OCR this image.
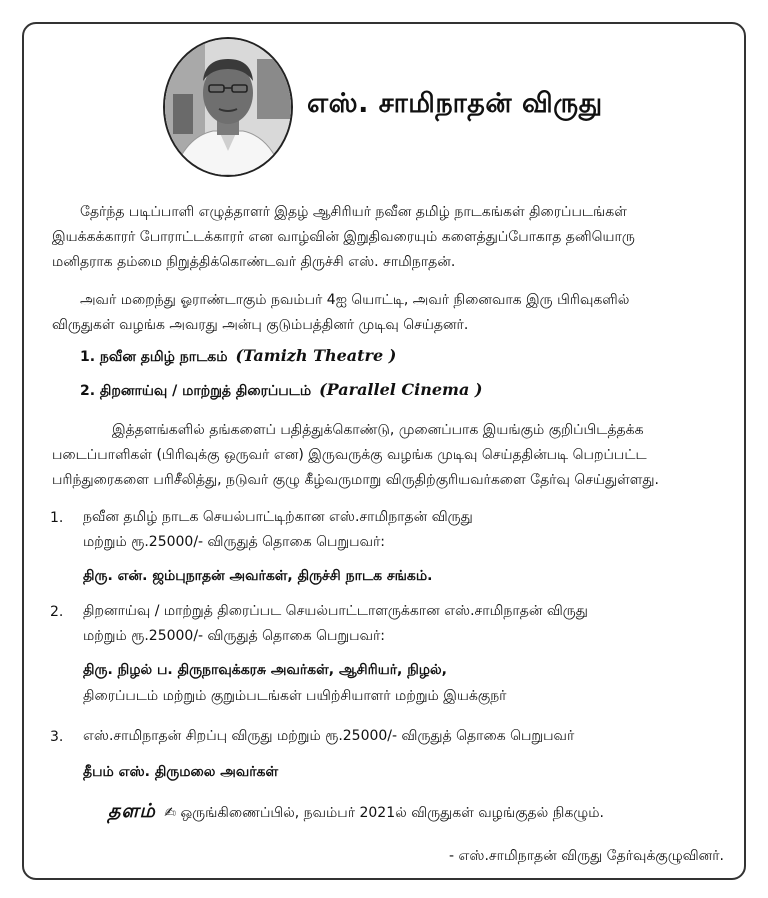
எஸ். சாமிநாதன் விருது
தேர்ந்த படிப்பாளி எழுத்தாளர் இதழ் ஆசிரியர் நவீன தமிழ் நாடகங்கள் திரைப்படங்கள்
இயக்கக்காரர் போராட்டக்காரர் என வாழ்வின் இறுதிவரையும் களைத்துப்போகாத தனியொரு
மனிதராக தம்மை நிறுத்திக்கொண்டவர் திருச்சி எஸ். சாமிநாதன்.
அவர் மறைந்து ஓராண்டாகும் நவம்பர் 4ஐ யொட்டி, அவர் நினைவாக இரு பிரிவுகளில்
விருதுகள் வழங்க அவரது அன்பு குடும்பத்தினர் முடிவு செய்தனர்.
1. நவீன தமிழ் நாடகம் (Tamizh Theatre )
2. திறனாய்வு / மாற்றுத் திரைப்படம் (Parallel Cinema )
இத்தளங்களில் தங்களைப் பதித்துக்கொண்டு, முனைப்பாக இயங்கும் குறிப்பிடத்தக்க
படைப்பாளிகள் (பிரிவுக்கு ஒருவர் என) இருவருக்கு வழங்க முடிவு செய்ததின்படி பெறப்பட்ட
பரிந்துரைகளை பரிசீலித்து, நடுவர் குழு கீழ்வருமாறு விருதிற்குரியவர்களை தேர்வு செய்துள்ளது.
1. நவீன தமிழ் நாடக செயல்பாட்டிற்கான எஸ்.சாமிநாதன் விருது
மற்றும் ரூ.25000/- விருதுத் தொகை பெறுபவர்:
திரு. என். ஜம்புநாதன் அவர்கள், திருச்சி நாடக சங்கம்.
2. திறனாய்வு / மாற்றுத் திரைப்பட செயல்பாட்டாளருக்கான எஸ்.சாமிநாதன் விருது
மற்றும் ரூ.25000/- விருதுத் தொகை பெறுபவர்:
திரு. நிழல் ப. திருநாவுக்கரசு அவர்கள், ஆசிரியர், நிழல்,
திரைப்படம் மற்றும் குறும்படங்கள் பயிற்சியாளர் மற்றும் இயக்குநர்
3. எஸ்.சாமிநாதன் சிறப்பு விருது மற்றும் ரூ.25000/- விருதுத் தொகை பெறுபவர்
தீபம் எஸ். திருமலை அவர்கள்
தளம் ✍ ஒருங்கிணைப்பில், நவம்பர் 2021ல் விருதுகள் வழங்குதல் நிகழும்.
- எஸ்.சாமிநாதன் விருது தேர்வுக்குழுவினர்.
